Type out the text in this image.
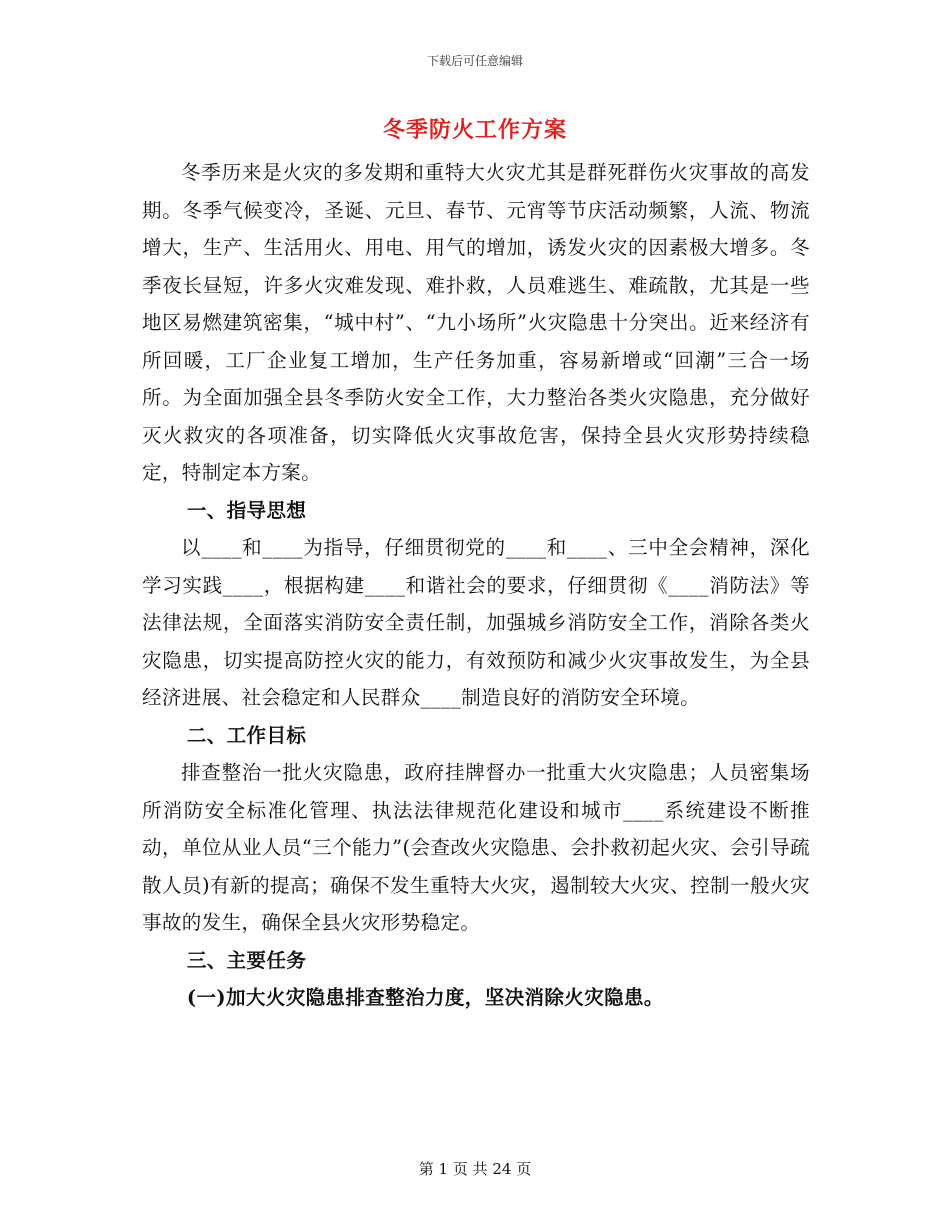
下载后可任意编辑
冬季防火工作方案

冬季历来是火灾的多发期和重特大火灾尤其是群死群伤火灾事故的高发期。冬季气候变冷，圣诞、元旦、春节、元宵等节庆活动频繁，人流、物流增大，生产、生活用火、用电、用气的增加，诱发火灾的因素极大增多。冬季夜长昼短，许多火灾难发现、难扑救，人员难逃生、难疏散，尤其是一些地区易燃建筑密集，“城中村”、“九小场所”火灾隐患十分突出。近来经济有所回暖，工厂企业复工增加，生产任务加重，容易新增或“回潮”三合一场所。为全面加强全县冬季防火安全工作，大力整治各类火灾隐患，充分做好灭火救灾的各项准备，切实降低火灾事故危害，保持全县火灾形势持续稳定，特制定本方案。

一、指导思想

以____和____为指导，仔细贯彻党的____和____、三中全会精神，深化学习实践____，根据构建____和谐社会的要求，仔细贯彻《____消防法》等法律法规，全面落实消防安全责任制，加强城乡消防安全工作，消除各类火灾隐患，切实提高防控火灾的能力，有效预防和减少火灾事故发生，为全县经济进展、社会稳定和人民群众____制造良好的消防安全环境。

二、工作目标

排查整治一批火灾隐患，政府挂牌督办一批重大火灾隐患；人员密集场所消防安全标准化管理、执法法律规范化建设和城市____系统建设不断推动，单位从业人员“三个能力”(会查改火灾隐患、会扑救初起火灾、会引导疏散人员)有新的提高；确保不发生重特大火灾，遏制较大火灾、控制一般火灾事故的发生，确保全县火灾形势稳定。

三、主要任务

(一)加大火灾隐患排查整治力度，坚决消除火灾隐患。

第 1 页 共 24 页
